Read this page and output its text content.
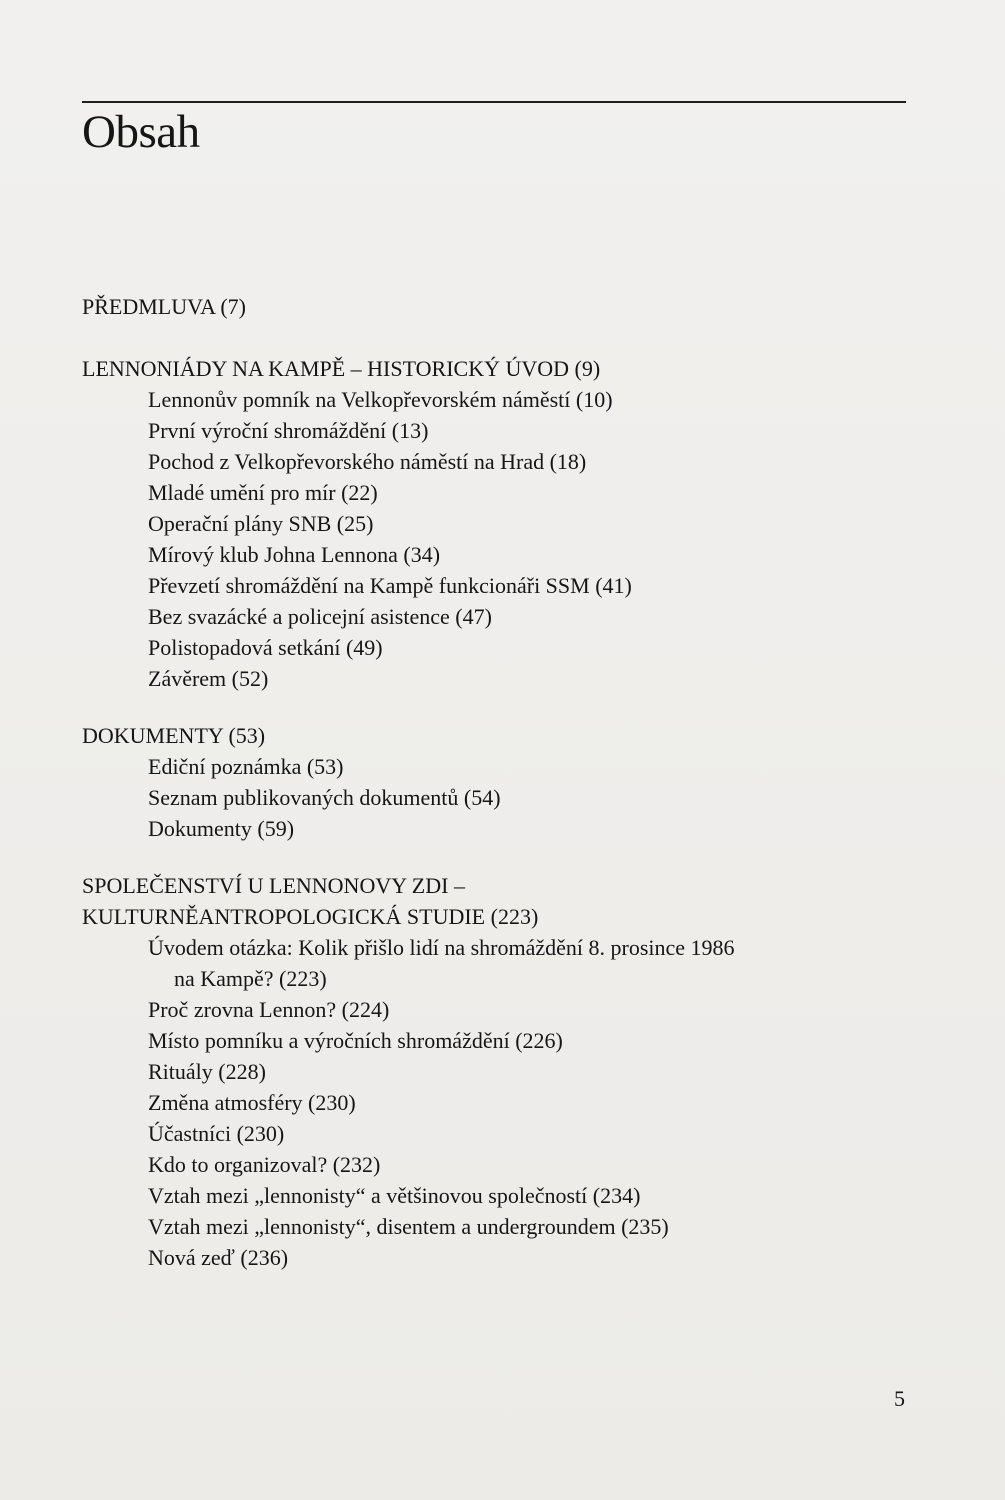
Obsah
PŘEDMLUVA (7)
LENNONIÁDY NA KAMPĚ – HISTORICKÝ ÚVOD (9)
Lennonův pomník na Velkopřevorském náměstí (10)
První výroční shromáždění (13)
Pochod z Velkopřevorského náměstí na Hrad (18)
Mladé umění pro mír (22)
Operační plány SNB (25)
Mírový klub Johna Lennona (34)
Převzetí shromáždění na Kampě funkcionáři SSM (41)
Bez svazácké a policejní asistence (47)
Polistopadová setkání (49)
Závěrem (52)
DOKUMENTY (53)
Ediční poznámka (53)
Seznam publikovaných dokumentů (54)
Dokumenty (59)
SPOLEČENSTVÍ U LENNONOVY ZDI –
KULTURNĚANTROPOLOGICKÁ STUDIE (223)
Úvodem otázka: Kolik přišlo lidí na shromáždění 8. prosince 1986
na Kampě? (223)
Proč zrovna Lennon? (224)
Místo pomníku a výročních shromáždění (226)
Rituály (228)
Změna atmosféry (230)
Účastníci (230)
Kdo to organizoval? (232)
Vztah mezi „lennonisty“ a většinovou společností (234)
Vztah mezi „lennonisty“, disentem a undergroundem (235)
Nová zeď (236)
5
